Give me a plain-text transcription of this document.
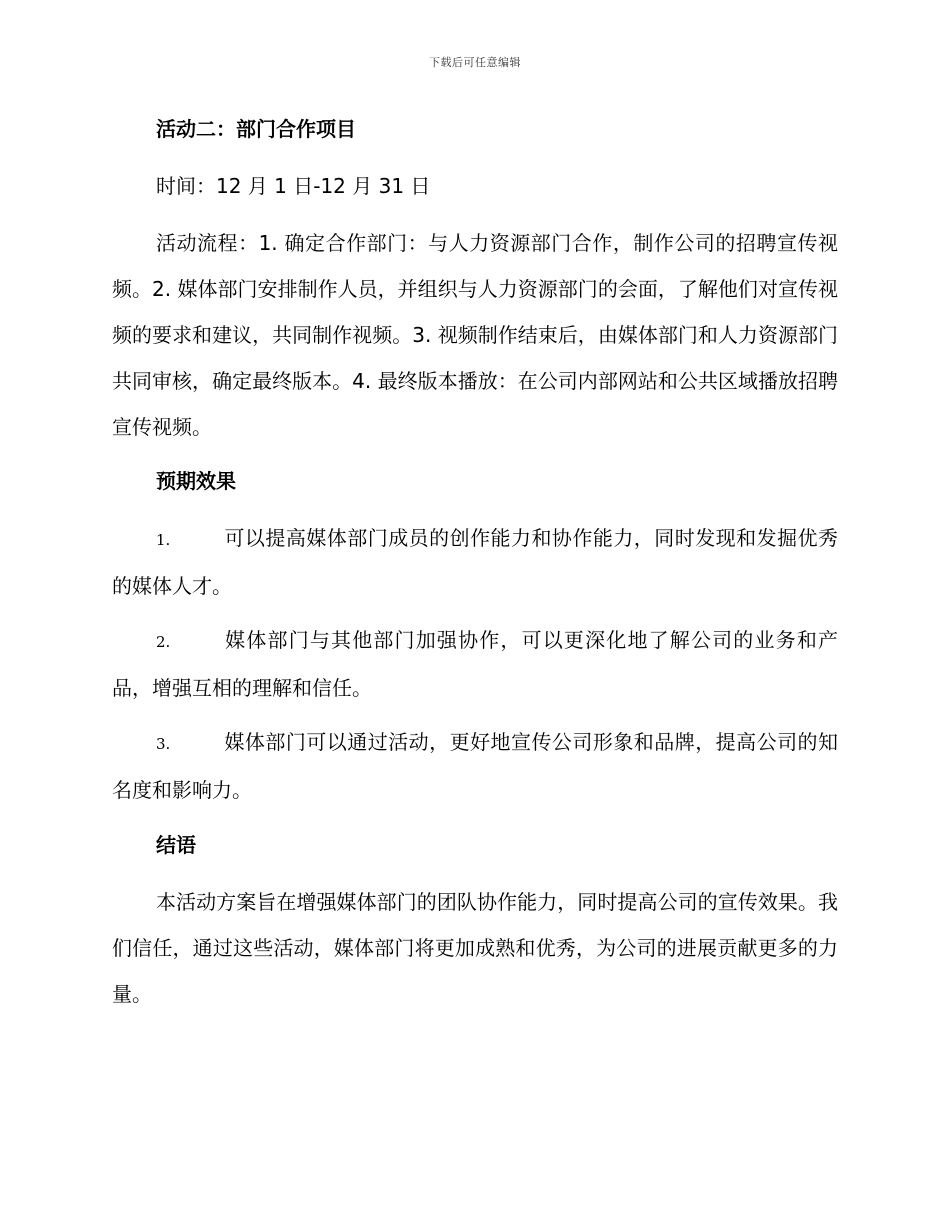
下载后可任意编辑
活动二：部门合作项目
时间：12 月 1 日-12 月 31 日
活动流程：1. 确定合作部门：与人力资源部门合作，制作公司的招聘宣传视频。2. 媒体部门安排制作人员，并组织与人力资源部门的会面，了解他们对宣传视频的要求和建议，共同制作视频。3. 视频制作结束后，由媒体部门和人力资源部门共同审核，确定最终版本。4. 最终版本播放：在公司内部网站和公共区域播放招聘宣传视频。
预期效果
1.	可以提高媒体部门成员的创作能力和协作能力，同时发现和发掘优秀的媒体人才。
2.	媒体部门与其他部门加强协作，可以更深化地了解公司的业务和产品，增强互相的理解和信任。
3.	媒体部门可以通过活动，更好地宣传公司形象和品牌，提高公司的知名度和影响力。
结语
本活动方案旨在增强媒体部门的团队协作能力，同时提高公司的宣传效果。我们信任，通过这些活动，媒体部门将更加成熟和优秀，为公司的进展贡献更多的力量。
